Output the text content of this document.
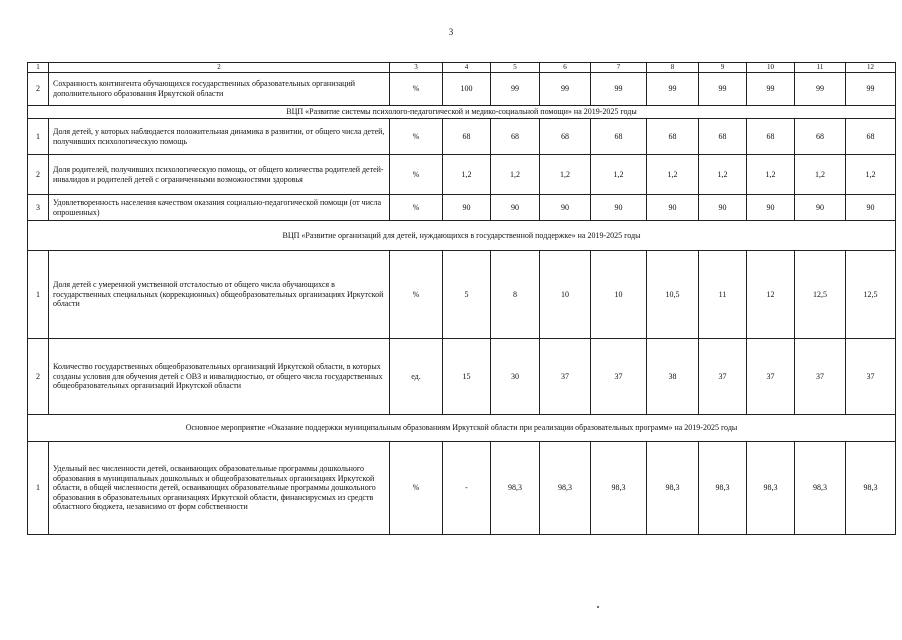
3
1	2	3	4	5	6	7	8	9	10	11	12
2	Сохранность контингента обучающихся государственных образовательных организаций дополнительного образования Иркутской области	%	100	99	99	99	99	99	99	99	99
ВЦП «Развитие системы психолого-педагогической и медико-социальной помощи» на 2019-2025 годы											
1	Доля детей, у которых наблюдается положительная динамика в развитии, от общего числа детей, получивших психологическую помощь	%	68	68	68	68	68	68	68	68	68
2	Доля родителей, получивших психологическую помощь, от общего количества родителей детей-инвалидов и родителей детей с ограниченными возможностями здоровья	%	1,2	1,2	1,2	1,2	1,2	1,2	1,2	1,2	1,2
3	Удовлетворенность населения качеством оказания социально-педагогической помощи (от числа опрошенных)	%	90	90	90	90	90	90	90	90	90
ВЦП «Развитие организаций для детей, нуждающихся в государственной поддержке» на 2019-2025 годы											
1	Доля детей с умеренной умственной отсталостью от общего числа обучающихся в государственных специальных (коррекционных) общеобразовательных организациях Иркутской области	%	5	8	10	10	10,5	11	12	12,5	12,5
2	Количество государственных общеобразовательных организаций Иркутской области, в которых созданы условия для обучения детей с ОВЗ и инвалидностью, от общего числа государственных общеобразовательных организаций Иркутской области	ед.	15	30	37	37	38	37	37	37	37
Основное мероприятие «Оказание поддержки муниципальным образованиям Иркутской области при реализации образовательных программ» на 2019-2025 годы											
1	Удельный вес численности детей, осваивающих образовательные программы дошкольного образования в муниципальных дошкольных и общеобразовательных организациях Иркутской области, в общей численности детей, осваивающих образовательные программы дошкольного образования в образовательных организациях Иркутской области, финансирусмых из средств областного бюджета, независимо от форм собственности	%	-	98,3	98,3	98,3	98,3	98,3	98,3	98,3	98,3
